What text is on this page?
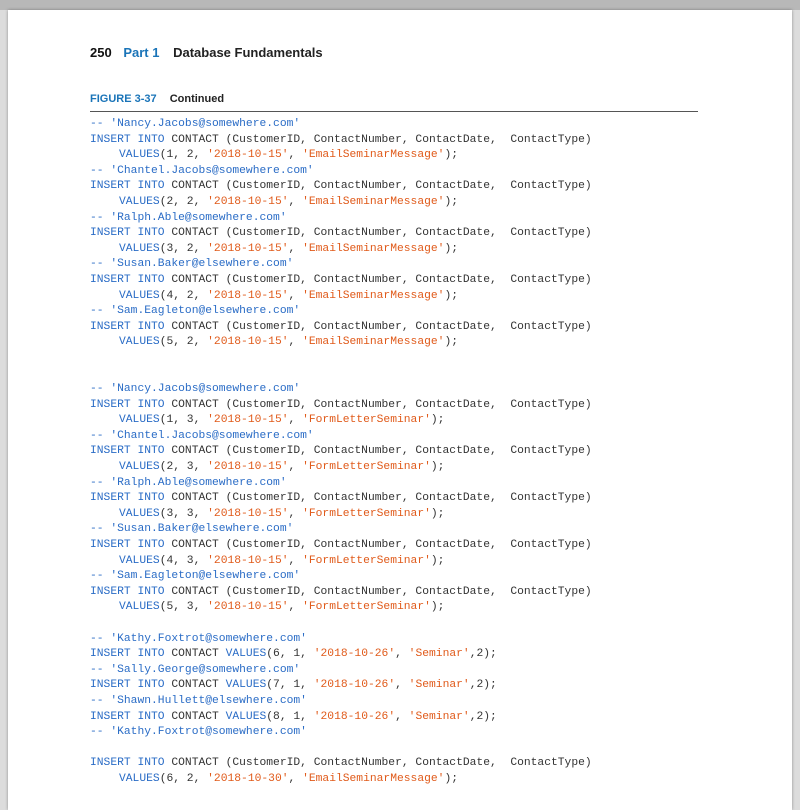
250 Part 1 Database Fundamentals
FIGURE 3-37 Continued
-- 'Nancy.Jacobs@somewhere.com'
INSERT INTO CONTACT (CustomerID, ContactNumber, ContactDate,  ContactType)
VALUES(1, 2, '2018-10-15', 'EmailSeminarMessage');
-- 'Chantel.Jacobs@somewhere.com'
INSERT INTO CONTACT (CustomerID, ContactNumber, ContactDate,  ContactType)
VALUES(2, 2, '2018-10-15', 'EmailSeminarMessage');
-- 'Ralph.Able@somewhere.com'
INSERT INTO CONTACT (CustomerID, ContactNumber, ContactDate,  ContactType)
VALUES(3, 2, '2018-10-15', 'EmailSeminarMessage');
-- 'Susan.Baker@elsewhere.com'
INSERT INTO CONTACT (CustomerID, ContactNumber, ContactDate,  ContactType)
VALUES(4, 2, '2018-10-15', 'EmailSeminarMessage');
-- 'Sam.Eagleton@elsewhere.com'
INSERT INTO CONTACT (CustomerID, ContactNumber, ContactDate,  ContactType)
VALUES(5, 2, '2018-10-15', 'EmailSeminarMessage');
-- 'Nancy.Jacobs@somewhere.com'
INSERT INTO CONTACT (CustomerID, ContactNumber, ContactDate,  ContactType)
VALUES(1, 3, '2018-10-15', 'FormLetterSeminar');
-- 'Chantel.Jacobs@somewhere.com'
INSERT INTO CONTACT (CustomerID, ContactNumber, ContactDate,  ContactType)
VALUES(2, 3, '2018-10-15', 'FormLetterSeminar');
-- 'Ralph.Able@somewhere.com'
INSERT INTO CONTACT (CustomerID, ContactNumber, ContactDate,  ContactType)
VALUES(3, 3, '2018-10-15', 'FormLetterSeminar');
-- 'Susan.Baker@elsewhere.com'
INSERT INTO CONTACT (CustomerID, ContactNumber, ContactDate,  ContactType)
VALUES(4, 3, '2018-10-15', 'FormLetterSeminar');
-- 'Sam.Eagleton@elsewhere.com'
INSERT INTO CONTACT (CustomerID, ContactNumber, ContactDate,  ContactType)
VALUES(5, 3, '2018-10-15', 'FormLetterSeminar');
-- 'Kathy.Foxtrot@somewhere.com'
INSERT INTO CONTACT VALUES(6, 1, '2018-10-26', 'Seminar',2);
-- 'Sally.George@somewhere.com'
INSERT INTO CONTACT VALUES(7, 1, '2018-10-26', 'Seminar',2);
-- 'Shawn.Hullett@elsewhere.com'
INSERT INTO CONTACT VALUES(8, 1, '2018-10-26', 'Seminar',2);
-- 'Kathy.Foxtrot@somewhere.com'
INSERT INTO CONTACT (CustomerID, ContactNumber, ContactDate,  ContactType)
VALUES(6, 2, '2018-10-30', 'EmailSeminarMessage');
